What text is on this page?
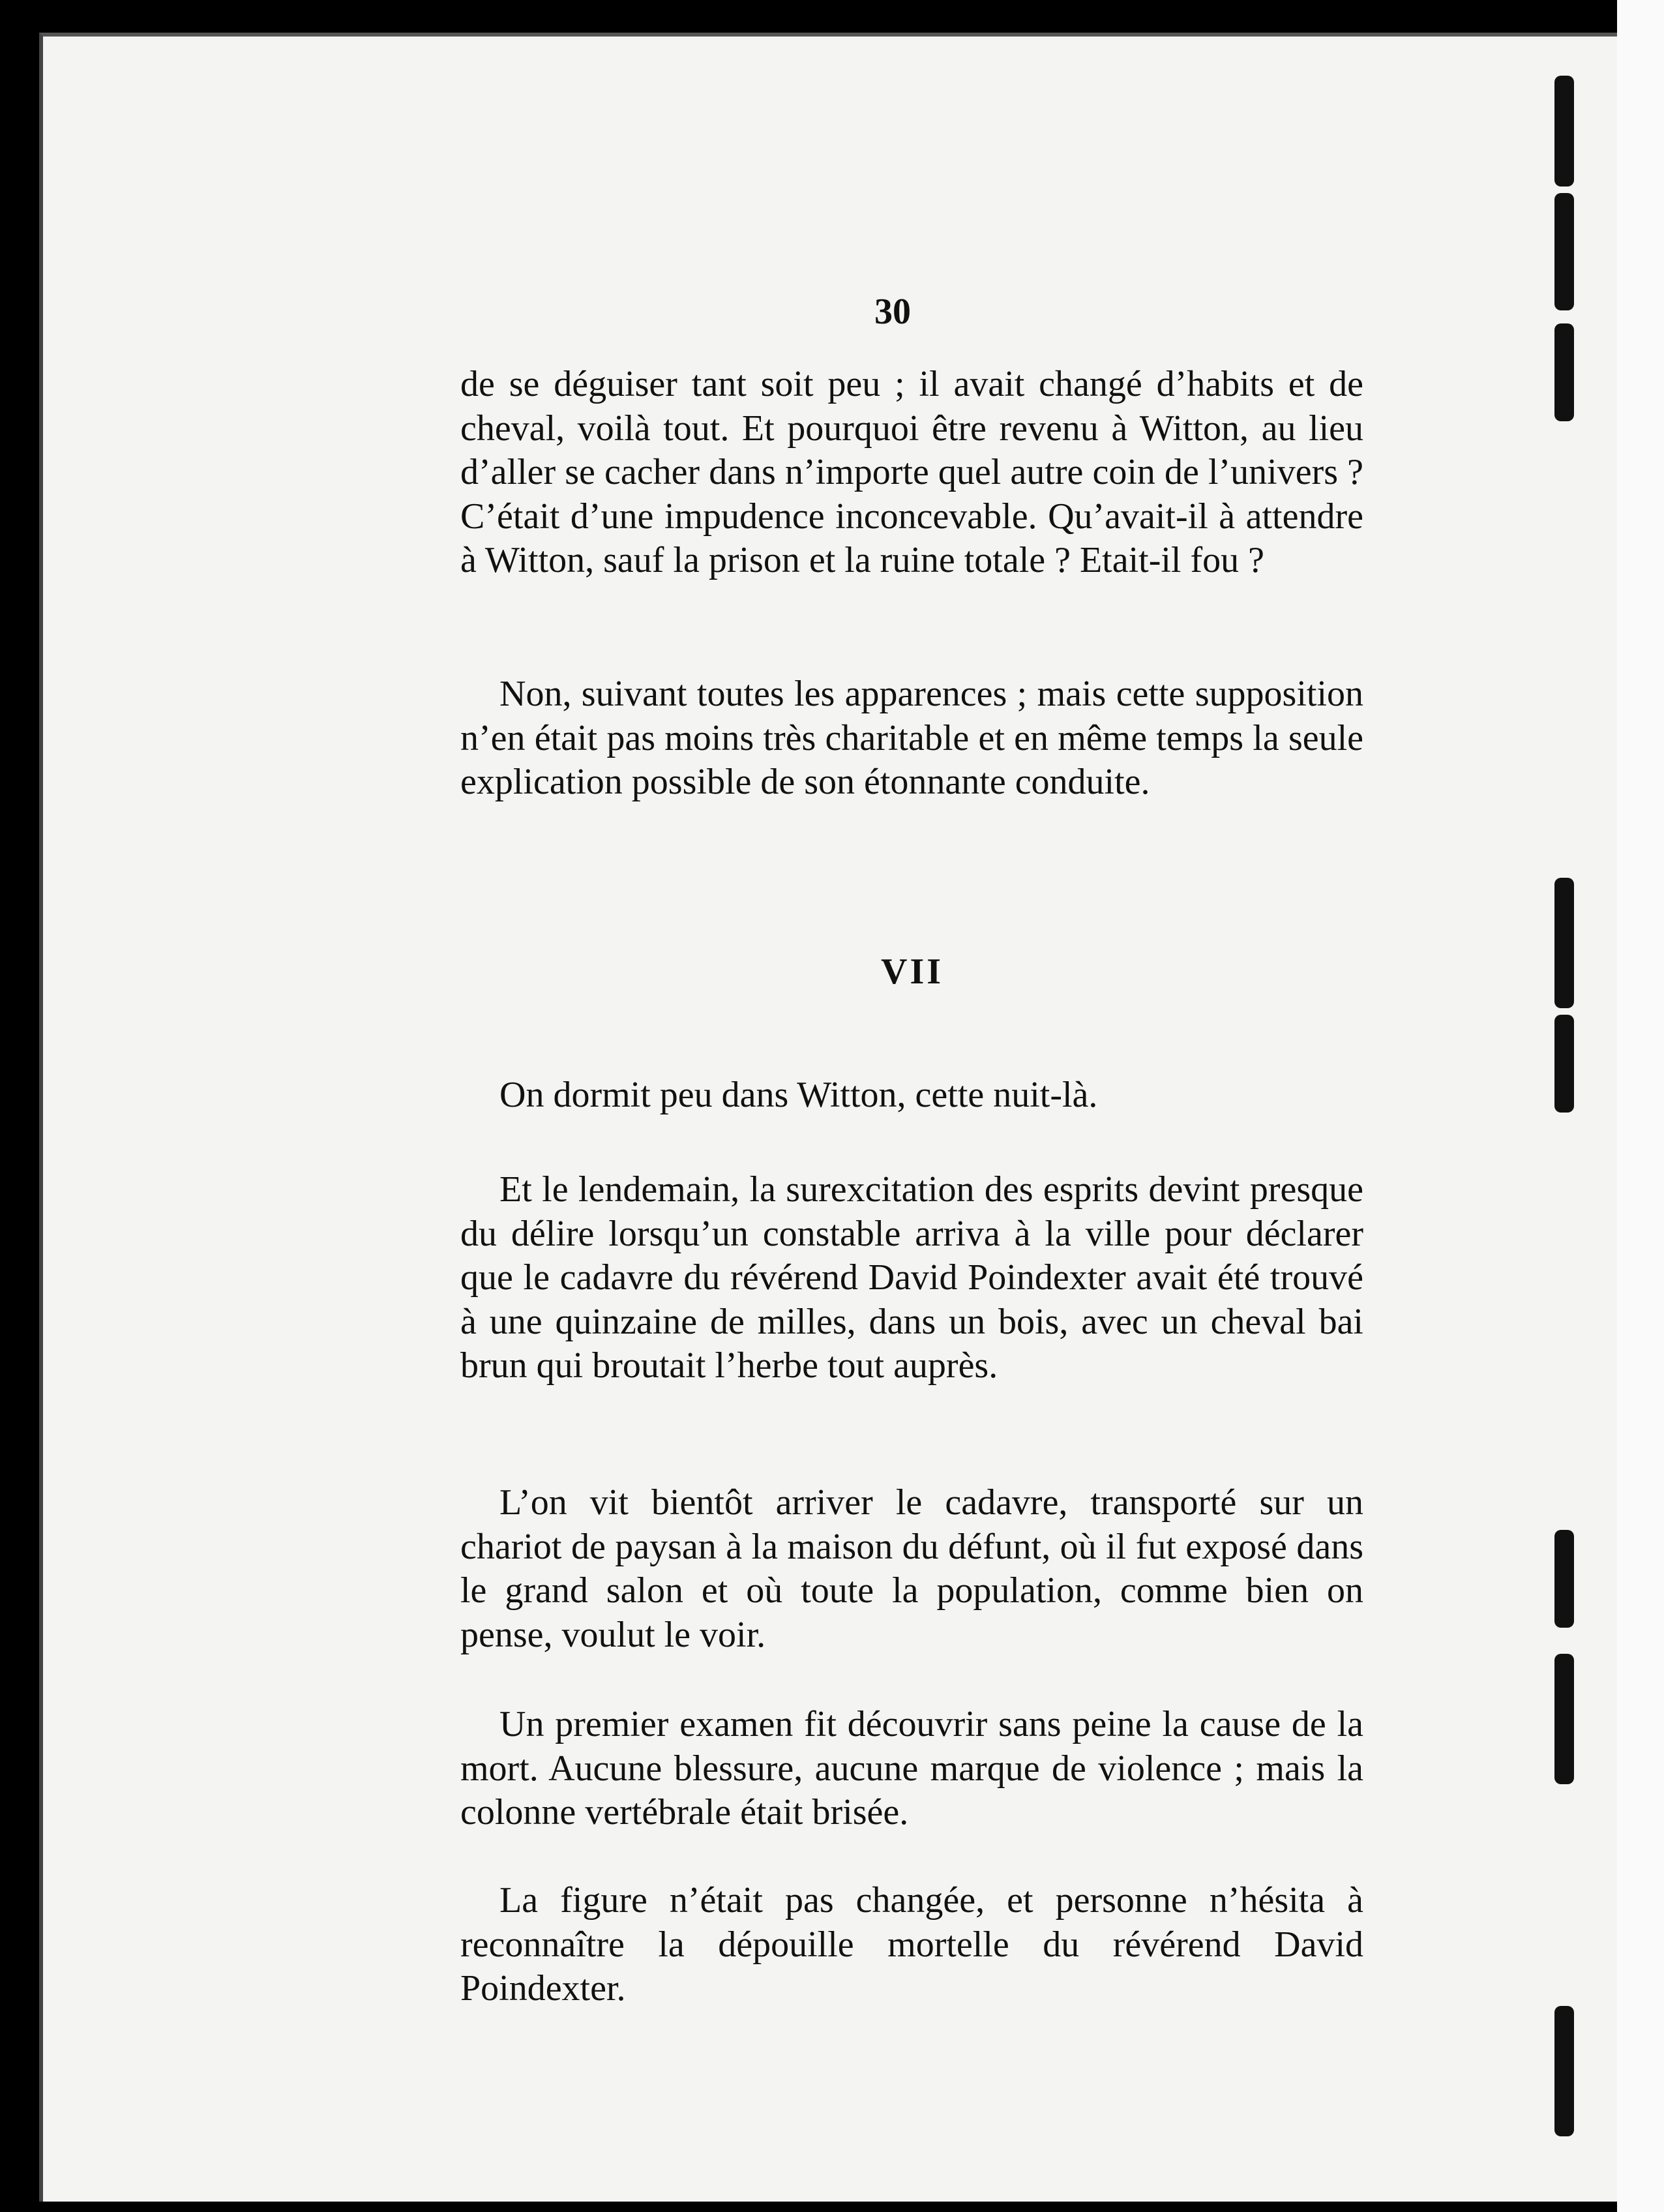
30

de se déguiser tant soit peu ; il avait changé d’habits et de cheval, voilà tout. Et pourquoi être revenu à Witton, au lieu d’aller se cacher dans n’importe quel autre coin de l’univers ? C’était d’une impudence inconcevable. Qu’avait-il à attendre à Witton, sauf la prison et la ruine totale ? Etait-il fou ?

Non, suivant toutes les apparences ; mais cette supposition n’en était pas moins très charitable et en même temps la seule explication possible de son étonnante conduite.

VII

On dormit peu dans Witton, cette nuit-là.

Et le lendemain, la surexcitation des esprits devint presque du délire lorsqu’un constable arriva à la ville pour déclarer que le cadavre du révérend David Poindexter avait été trouvé à une quinzaine de milles, dans un bois, avec un cheval bai brun qui broutait l’herbe tout auprès.

L’on vit bientôt arriver le cadavre, transporté sur un chariot de paysan à la maison du défunt, où il fut exposé dans le grand salon et où toute la population, comme bien on pense, voulut le voir.

Un premier examen fit découvrir sans peine la cause de la mort. Aucune blessure, aucune marque de violence ; mais la colonne vertébrale était brisée.

La figure n’était pas changée, et personne n’hésita à reconnaître la dépouille mortelle du révérend David Poindexter.
